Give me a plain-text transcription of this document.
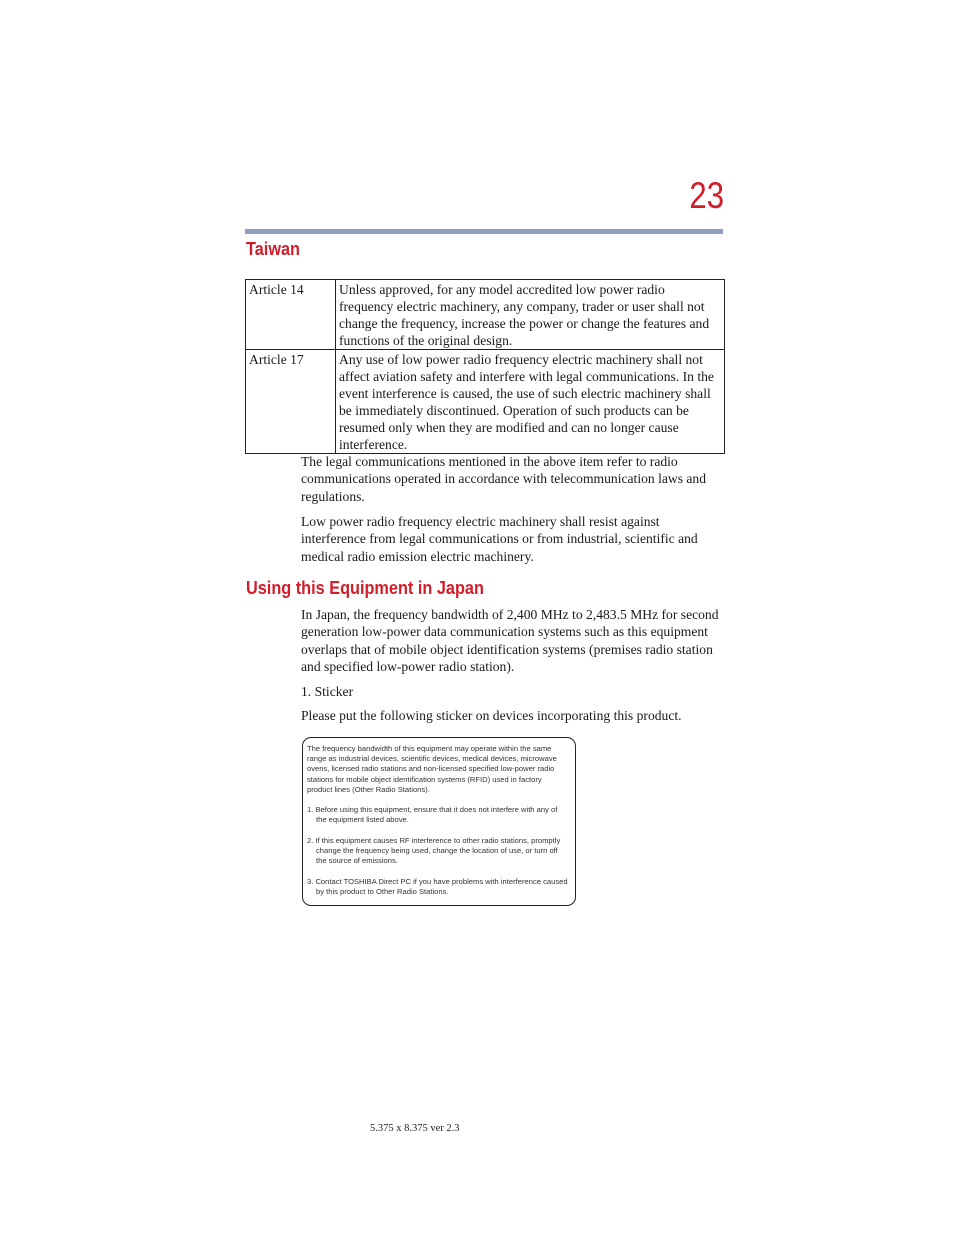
23
Taiwan
Article 14	Unless approved, for any model accredited low power radio frequency electric machinery, any company, trader or user shall not change the frequency, increase the power or change the features and functions of the original design.
Article 17	Any use of low power radio frequency electric machinery shall not affect aviation safety and interfere with legal communications. In the event interference is caused, the use of such electric machinery shall be immediately discontinued. Operation of such products can be resumed only when they are modified and can no longer cause interference.

The legal communications mentioned in the above item refer to radio communications operated in accordance with telecommunication laws and regulations.

Low power radio frequency electric machinery shall resist against interference from legal communications or from industrial, scientific and medical radio emission electric machinery.

Using this Equipment in Japan

In Japan, the frequency bandwidth of 2,400 MHz to 2,483.5 MHz for second generation low-power data communication systems such as this equipment overlaps that of mobile object identification systems (premises radio station and specified low-power radio station).

1. Sticker

Please put the following sticker on devices incorporating this product.

The frequency bandwidth of this equipment may operate within the same range as industrial devices, scientific devices, medical devices, microwave ovens, licensed radio stations and non-licensed specified low-power radio stations for mobile object identification systems (RFID) used in factory product lines (Other Radio Stations).

1. Before using this equipment, ensure that it does not interfere with any of the equipment listed above.

2. If this equipment causes RF interference to other radio stations, promptly change the frequency being used, change the location of use, or turn off the source of emissions.

3. Contact TOSHIBA Direct PC if you have problems with interference caused by this product to Other Radio Stations.

5.375 x 8.375 ver 2.3
